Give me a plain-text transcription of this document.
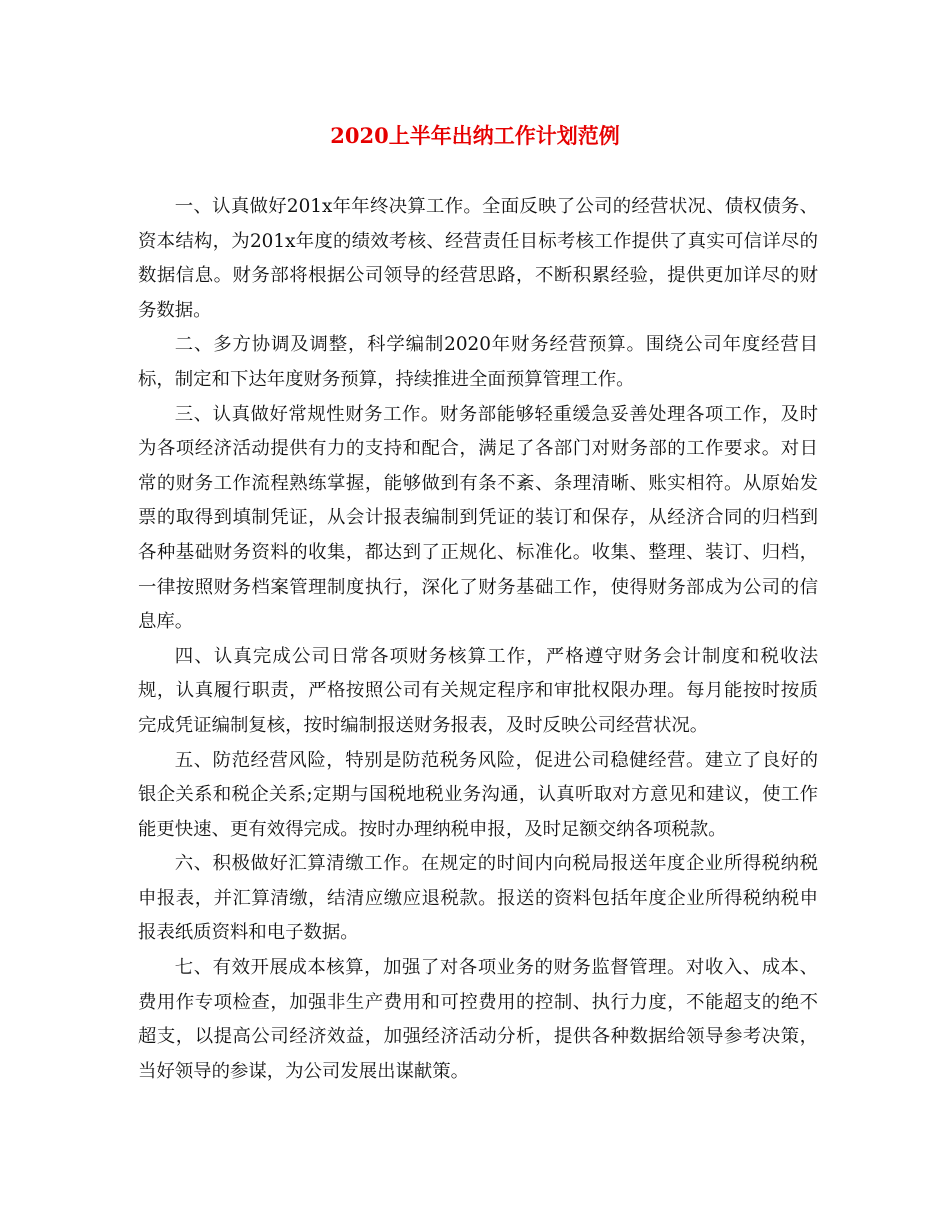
2020上半年出纳工作计划范例

一、认真做好201x年年终决算工作。全面反映了公司的经营状况、债权债务、资本结构，为201x年度的绩效考核、经营责任目标考核工作提供了真实可信详尽的数据信息。财务部将根据公司领导的经营思路，不断积累经验，提供更加详尽的财务数据。

二、多方协调及调整，科学编制2020年财务经营预算。围绕公司年度经营目标，制定和下达年度财务预算，持续推进全面预算管理工作。

三、认真做好常规性财务工作。财务部能够轻重缓急妥善处理各项工作，及时为各项经济活动提供有力的支持和配合，满足了各部门对财务部的工作要求。对日常的财务工作流程熟练掌握，能够做到有条不紊、条理清晰、账实相符。从原始发票的取得到填制凭证，从会计报表编制到凭证的装订和保存，从经济合同的归档到各种基础财务资料的收集，都达到了正规化、标准化。收集、整理、装订、归档，一律按照财务档案管理制度执行，深化了财务基础工作，使得财务部成为公司的信息库。

四、认真完成公司日常各项财务核算工作，严格遵守财务会计制度和税收法规，认真履行职责，严格按照公司有关规定程序和审批权限办理。每月能按时按质完成凭证编制复核，按时编制报送财务报表，及时反映公司经营状况。

五、防范经营风险，特别是防范税务风险，促进公司稳健经营。建立了良好的银企关系和税企关系;定期与国税地税业务沟通，认真听取对方意见和建议，使工作能更快速、更有效得完成。按时办理纳税申报，及时足额交纳各项税款。

六、积极做好汇算清缴工作。在规定的时间内向税局报送年度企业所得税纳税申报表，并汇算清缴，结清应缴应退税款。报送的资料包括年度企业所得税纳税申报表纸质资料和电子数据。

七、有效开展成本核算，加强了对各项业务的财务监督管理。对收入、成本、费用作专项检查，加强非生产费用和可控费用的控制、执行力度，不能超支的绝不超支，以提高公司经济效益，加强经济活动分析，提供各种数据给领导参考决策，当好领导的参谋，为公司发展出谋献策。
